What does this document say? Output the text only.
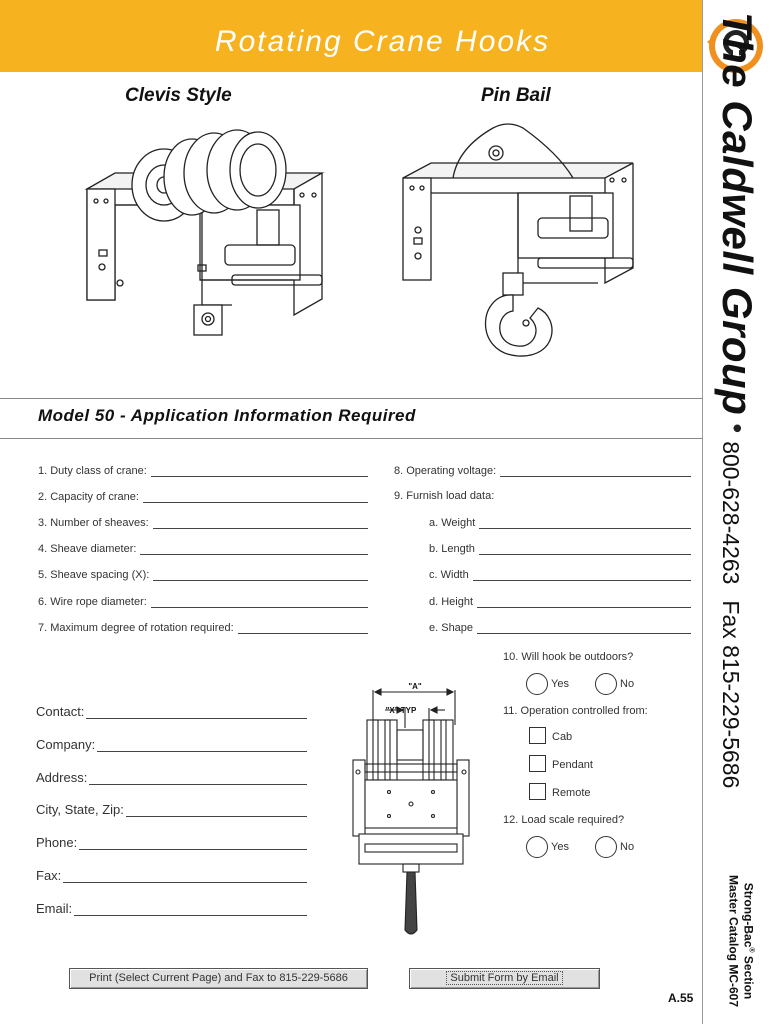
Rotating Crane Hooks	The Caldwell Group•800-628-4263Fax 815-229-5686
Strong-Bac® Section
Master Catalog MC-607
Clevis Style	Pin Bail
Model 50 - Application Information Required
1. Duty class of crane:
2. Capacity of crane:
3. Number of sheaves:
4. Sheave diameter:
5. Sheave spacing (X):
6. Wire rope diameter:
7. Maximum degree of rotation required:
8. Operating voltage:
9. Furnish load data:
a. Weight
b. Length
c. Width
d. Height
e. Shape
10. Will hook be outdoors?
Yes	No
11. Operation controlled from:
Cab
Pendant
Remote
12. Load scale required?
Yes	No
Contact:
Company:
Address:
City, State, Zip:
Phone:
Fax:
Email:
"A"
"X" TYP
Print (Select Current Page) and Fax to 815-229-5686	Submit Form by Email
A.55
